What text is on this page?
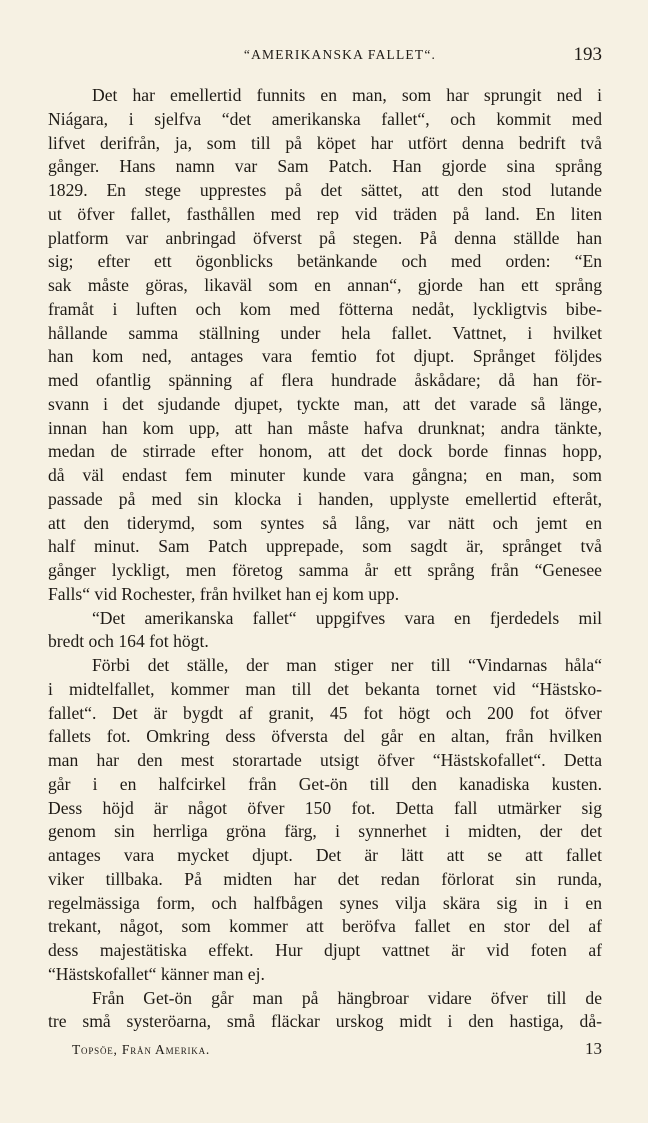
“AMERIKANSKA FALLET“.	193
Det har emellertid funnits en man, som har sprungit ned i
Niágara, i sjelfva “det amerikanska fallet“, och kommit med
lifvet derifrån, ja, som till på köpet har utfört denna bedrift två
gånger. Hans namn var Sam Patch. Han gjorde sina språng
1829. En stege upprestes på det sättet, att den stod lutande
ut öfver fallet, fasthållen med rep vid träden på land. En liten
platform var anbringad öfverst på stegen. På denna ställde han
sig; efter ett ögonblicks betänkande och med orden: “En
sak måste göras, likaväl som en annan“, gjorde han ett språng
framåt i luften och kom med fötterna nedåt, lyckligtvis bibe-
hållande samma ställning under hela fallet. Vattnet, i hvilket
han kom ned, antages vara femtio fot djupt. Språnget följdes
med ofantlig spänning af flera hundrade åskådare; då han för-
svann i det sjudande djupet, tyckte man, att det varade så länge,
innan han kom upp, att han måste hafva drunknat; andra tänkte,
medan de stirrade efter honom, att det dock borde finnas hopp,
då väl endast fem minuter kunde vara gångna; en man, som
passade på med sin klocka i handen, upplyste emellertid efteråt,
att den tiderymd, som syntes så lång, var nätt och jemt en
half minut. Sam Patch upprepade, som sagdt är, språnget två
gånger lyckligt, men företog samma år ett språng från “Genesee
Falls“ vid Rochester, från hvilket han ej kom upp.
“Det amerikanska fallet“ uppgifves vara en fjerdedels mil
bredt och 164 fot högt.
Förbi det ställe, der man stiger ner till “Vindarnas håla“
i midtelfallet, kommer man till det bekanta tornet vid “Hästsko-
fallet“. Det är bygdt af granit, 45 fot högt och 200 fot öfver
fallets fot. Omkring dess öfversta del går en altan, från hvilken
man har den mest storartade utsigt öfver “Hästskofallet“. Detta
går i en halfcirkel från Get-ön till den kanadiska kusten.
Dess höjd är något öfver 150 fot. Detta fall utmärker sig
genom sin herrliga gröna färg, i synnerhet i midten, der det
antages vara mycket djupt. Det är lätt att se att fallet
viker tillbaka. På midten har det redan förlorat sin runda,
regelmässiga form, och halfbågen synes vilja skära sig in i en
trekant, något, som kommer att beröfva fallet en stor del af
dess majestätiska effekt. Hur djupt vattnet är vid foten af
“Hästskofallet“ känner man ej.
Från Get-ön går man på hängbroar vidare öfver till de
tre små systeröarna, små fläckar urskog midt i den hastiga, då-
Topsöe, Från Amerika.	13
